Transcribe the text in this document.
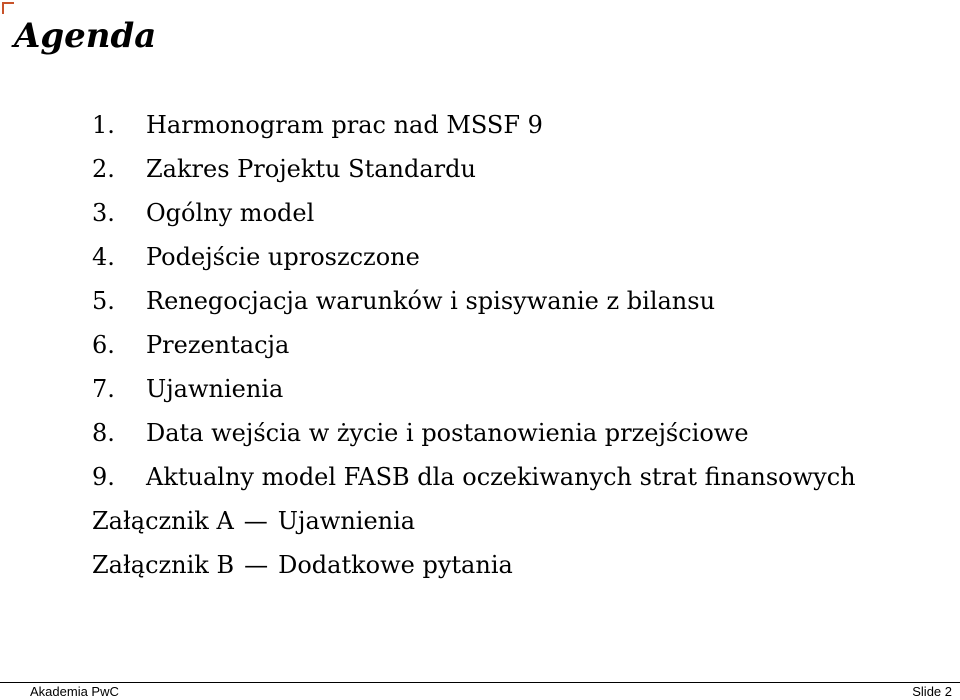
Agenda
1.	Harmonogram prac nad MSSF 9
2.	Zakres Projektu Standardu
3.	Ogólny model
4.	Podejście uproszczone
5.	Renegocjacja warunków i spisywanie z bilansu
6.	Prezentacja
7.	Ujawnienia
8.	Data wejścia w życie i postanowienia przejściowe
9.	Aktualny model FASB dla oczekiwanych strat finansowych
Załącznik A — Ujawnienia
Załącznik B — Dodatkowe pytania
Akademia PwC	Slide 2
